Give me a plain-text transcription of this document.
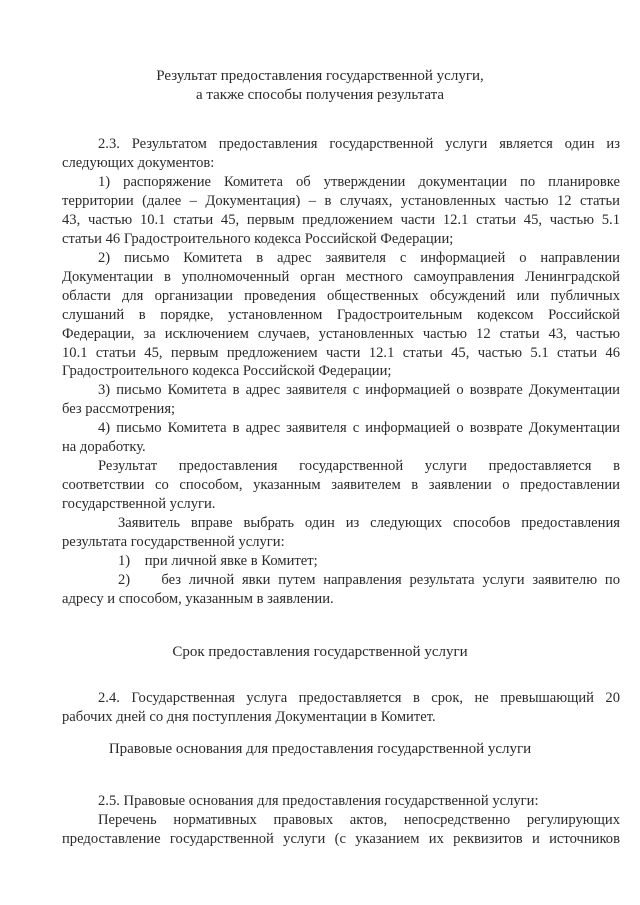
Результат предоставления государственной услуги,
а также способы получения результата
2.3. Результатом предоставления государственной услуги является один из
следующих документов:
1) распоряжение Комитета об утверждении документации по планировке
территории (далее – Документация) – в случаях, установленных частью 12 статьи
43, частью 10.1 статьи 45, первым предложением части 12.1 статьи 45, частью 5.1
статьи 46 Градостроительного кодекса Российской Федерации;
2) письмо Комитета в адрес заявителя с информацией о направлении
Документации в уполномоченный орган местного самоуправления Ленинградской
области для организации проведения общественных обсуждений или публичных
слушаний в порядке, установленном Градостроительным кодексом Российской
Федерации, за исключением случаев, установленных частью 12 статьи 43, частью
10.1 статьи 45, первым предложением части 12.1 статьи 45, частью 5.1 статьи 46
Градостроительного кодекса Российской Федерации;
3) письмо Комитета в адрес заявителя с информацией о возврате Документации
без рассмотрения;
4) письмо Комитета в адрес заявителя с информацией о возврате Документации
на доработку.
Результат предоставления государственной услуги предоставляется в
соответствии со способом, указанным заявителем в заявлении о предоставлении
государственной услуги.
Заявитель вправе выбрать один из следующих способов предоставления
результата государственной услуги:
1)    при личной явке в Комитет;
2)    без личной явки путем направления результата услуги заявителю по
адресу и способом, указанным в заявлении.
Срок предоставления государственной услуги
2.4. Государственная услуга предоставляется в срок, не превышающий 20
рабочих дней со дня поступления Документации в Комитет.
Правовые основания для предоставления государственной услуги
2.5. Правовые основания для предоставления государственной услуги:
Перечень нормативных правовых актов, непосредственно регулирующих
предоставление государственной услуги (с указанием их реквизитов и источников
